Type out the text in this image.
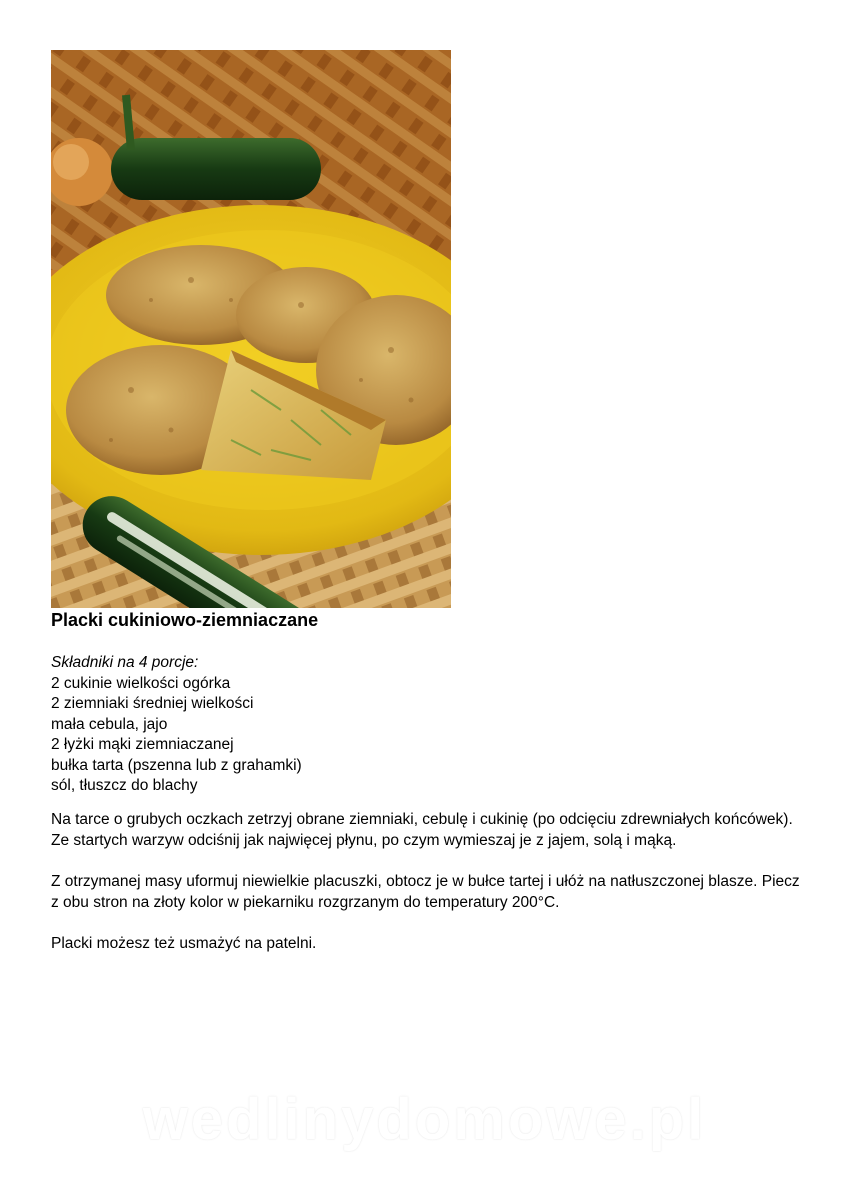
Placki cukiniowo-ziemniaczane
Składniki na 4 porcje:
2 cukinie wielkości ogórka
2 ziemniaki średniej wielkości
mała cebula, jajo
2 łyżki mąki ziemniaczanej
bułka tarta (pszenna lub z grahamki)
sól, tłuszcz do blachy

Na tarce o grubych oczkach zetrzyj obrane ziemniaki, cebulę i cukinię (po odcięciu zdrewniałych końcówek). Ze startych warzyw odciśnij jak najwięcej płynu, po czym wymieszaj je z jajem, solą i mąką.

Z otrzymanej masy uformuj niewielkie placuszki, obtocz je w bułce tartej i ułóż na natłuszczonej blasze. Piecz z obu stron na złoty kolor w piekarniku rozgrzanym do temperatury 200°C.

Placki możesz też usmażyć na patelni.

wedlinydomowe.pl
